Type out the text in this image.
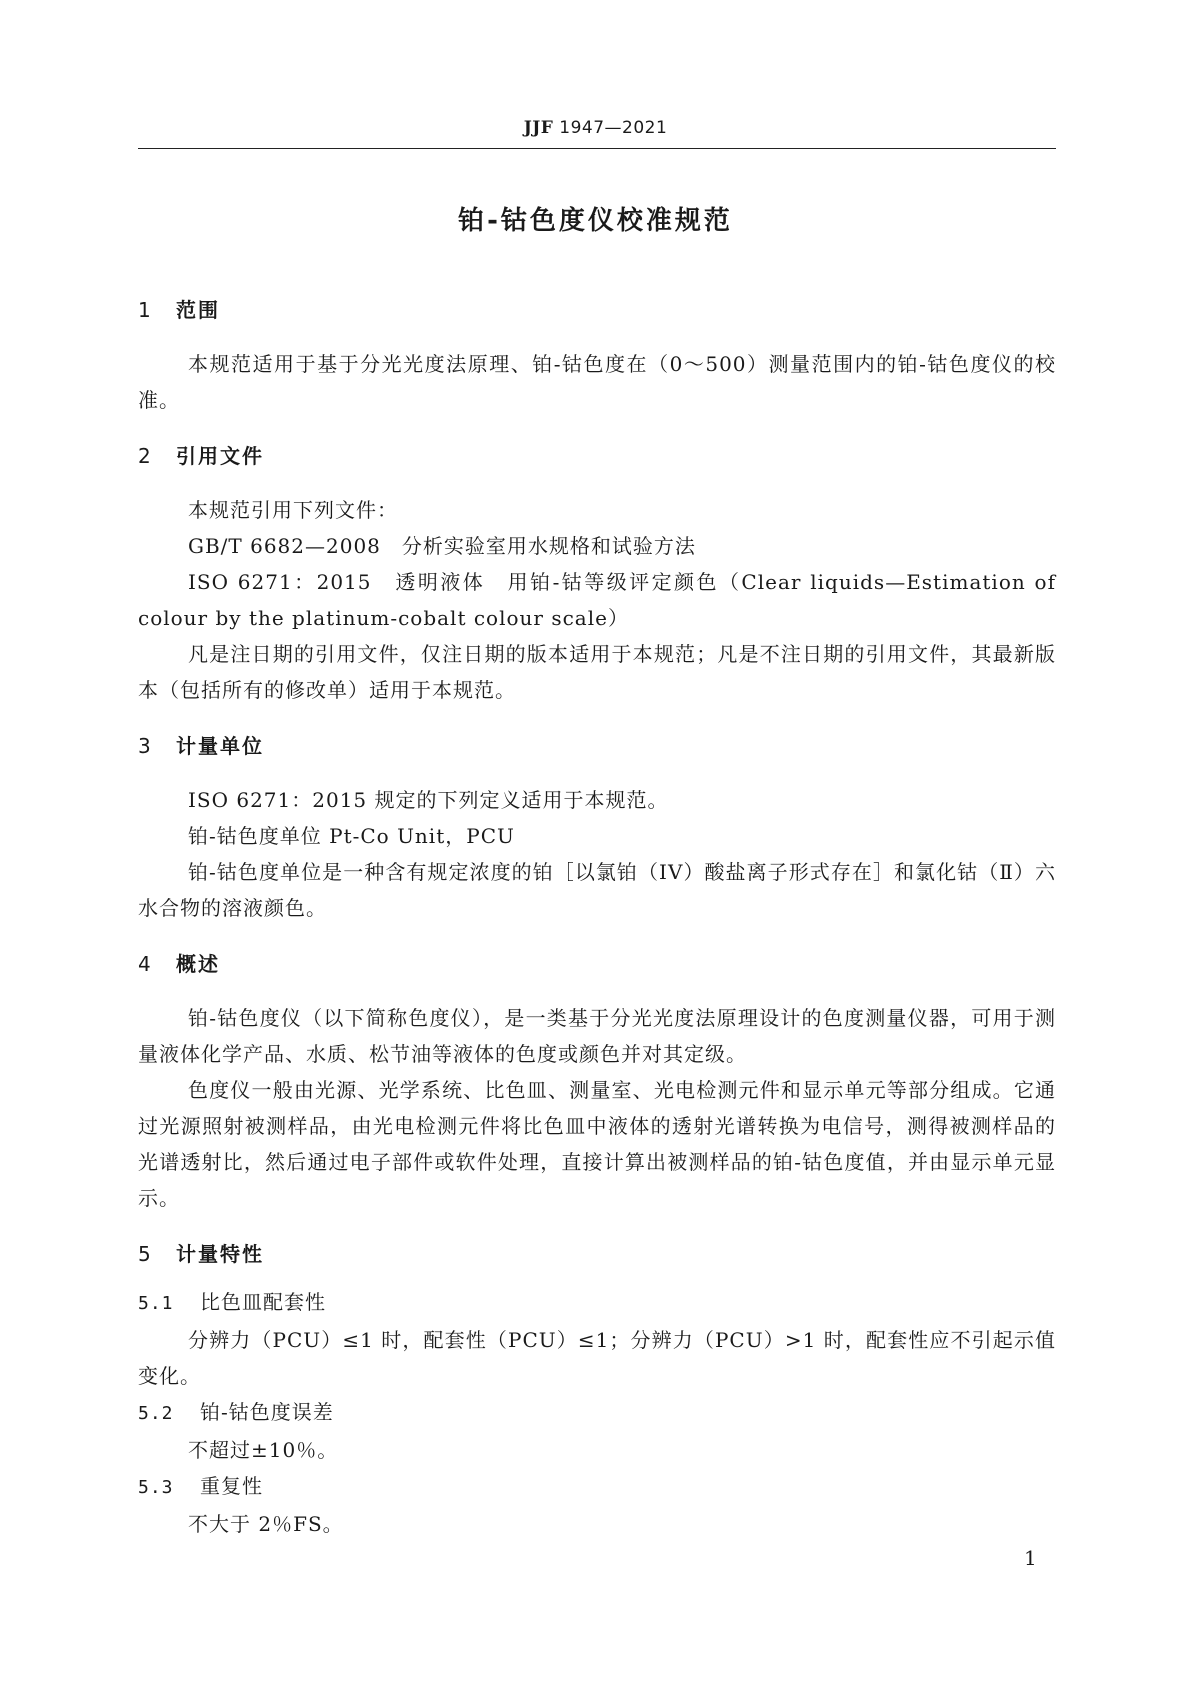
JJF 1947—2021
铂-钴色度仪校准规范
1 范围

本规范适用于基于分光光度法原理、铂-钴色度在（0～500）测量范围内的铂-钴色度仪的校准。

2 引用文件

本规范引用下列文件：

GB/T 6682—2008　分析实验室用水规格和试验方法

ISO 6271：2015　透明液体　用铂-钴等级评定颜色（Clear liquids—Estimation of colour by the platinum-cobalt colour scale）

凡是注日期的引用文件，仅注日期的版本适用于本规范；凡是不注日期的引用文件，其最新版本（包括所有的修改单）适用于本规范。

3 计量单位

ISO 6271：2015 规定的下列定义适用于本规范。

铂-钴色度单位 Pt-Co Unit，PCU

铂-钴色度单位是一种含有规定浓度的铂［以氯铂（IV）酸盐离子形式存在］和氯化钴（Ⅱ）六水合物的溶液颜色。

4 概述

铂-钴色度仪（以下简称色度仪），是一类基于分光光度法原理设计的色度测量仪器，可用于测量液体化学产品、水质、松节油等液体的色度或颜色并对其定级。

色度仪一般由光源、光学系统、比色皿、测量室、光电检测元件和显示单元等部分组成。它通过光源照射被测样品，由光电检测元件将比色皿中液体的透射光谱转换为电信号，测得被测样品的光谱透射比，然后通过电子部件或软件处理，直接计算出被测样品的铂-钴色度值，并由显示单元显示。

5 计量特性
5.1 比色皿配套性

分辨力（PCU）≤1 时，配套性（PCU）≤1；分辨力（PCU）>1 时，配套性应不引起示值变化。

5.2 铂-钴色度误差

不超过±10％。

5.3 重复性

不大于 2％FS。

1
